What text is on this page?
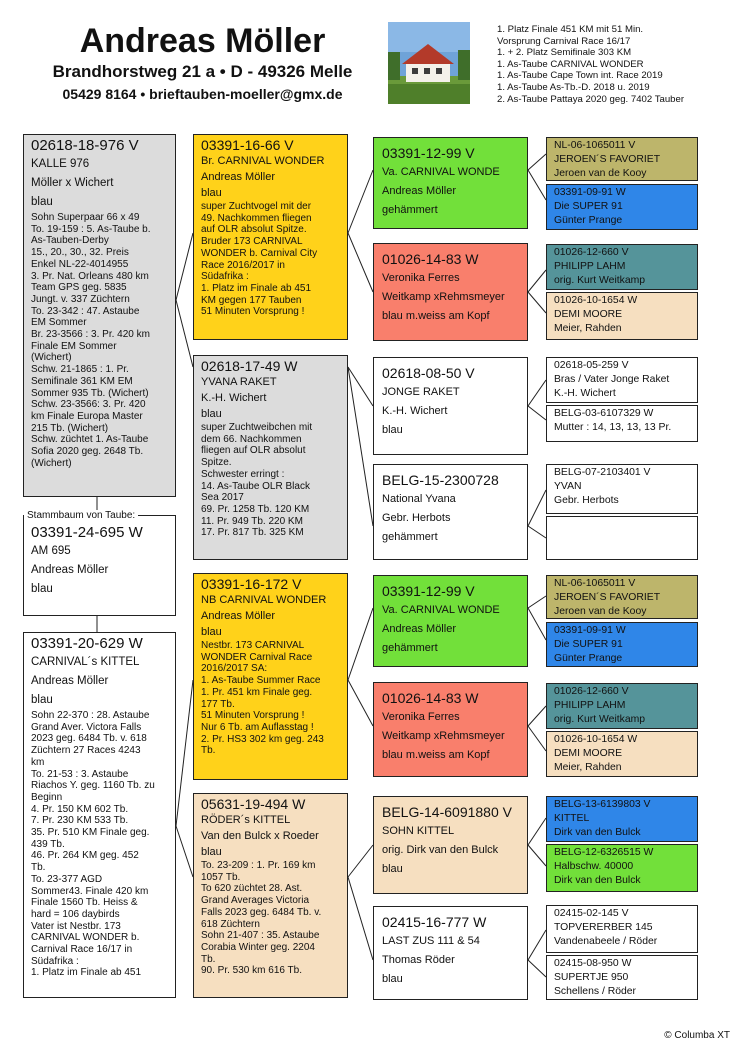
Andreas Möller
Brandhorstweg 21 a • D - 49326 Melle
05429 8164 • brieftauben-moeller@gmx.de
1. Platz Finale 451 KM mit 51 Min.
Vorsprung Carnival Race 16/17
1. + 2. Platz Semifinale 303 KM
1. As-Taube CARNIVAL WONDER
1. As-Taube Cape Town int. Race 2019
1. As-Taube As-Tb.-D. 2018 u. 2019
2. As-Taube Pattaya 2020 geg. 7402 Tauber
02618-18-976 V
KALLE 976
Möller x Wichert
blau
Sohn Superpaar 66 x 49
To. 19-159 : 5. As-Taube b.
As-Tauben-Derby
15., 20., 30., 32. Preis
Enkel NL-22-4014955
3. Pr. Nat. Orleans 480 km
Team GPS geg. 5835
Jungt. v. 337 Züchtern
To. 23-342 : 47. Astaube
EM Sommer
Br. 23-3566 : 3. Pr. 420 km
Finale EM Sommer
(Wichert)
Schw. 21-1865 : 1. Pr.
Semifinale 361 KM EM
Sommer 935 Tb. (Wichert)
Schw. 23-3566: 3. Pr. 420
km Finale Europa Master
215 Tb. (Wichert)
Schw. züchtet 1. As-Taube
Sofia 2020 geg. 2648 Tb.
(Wichert)
03391-24-695 W
AM 695
Andreas Möller
blau
Stammbaum von Taube:
03391-20-629 W
CARNIVAL´s KITTEL
Andreas Möller
blau
Sohn 22-370 : 28. Astaube
Grand Aver. Victora Falls
2023 geg. 6484 Tb. v. 618
Züchtern 27 Races 4243
km
To. 21-53 : 3. Astaube
Riachos Y. geg. 1160 Tb. zu
Beginn
4. Pr. 150 KM 602 Tb.
7. Pr. 230 KM 533 Tb.
35. Pr. 510 KM Finale geg.
439 Tb.
46. Pr. 264 KM geg. 452
Tb.
To. 23-377 AGD
Sommer43. Finale 420 km
Finale 1560 Tb. Heiss &
hard = 106 daybirds
Vater ist Nestbr. 173
CARNIVAL WONDER b.
Carnival Race 16/17 in
Südafrika :
1. Platz im Finale ab 451
03391-16-66 V
Br. CARNIVAL WONDER
Andreas Möller
blau
super Zuchtvogel mit der
49. Nachkommen fliegen
auf OLR absolut Spitze.
Bruder 173 CARNIVAL
WONDER b. Carnival City
Race 2016/2017 in
Südafrika :
1. Platz im Finale ab 451
KM gegen 177 Tauben
51 Minuten Vorsprung !
02618-17-49 W
YVANA RAKET
K.-H. Wichert
blau
super Zuchtweibchen mit
dem 66. Nachkommen
fliegen auf OLR absolut
Spitze.
Schwester erringt :
14. As-Taube OLR Black
Sea 2017
69. Pr. 1258 Tb. 120 KM
11. Pr. 949 Tb. 220 KM
17. Pr. 817 Tb. 325 KM
03391-16-172 V
NB CARNIVAL WONDER
Andreas Möller
blau
Nestbr. 173 CARNIVAL
WONDER Carnival Race
2016/2017 SA:
1. As-Taube Summer Race
1. Pr. 451 km Finale geg.
177 Tb.
51 Minuten Vorsprung !
Nur 6 Tb. am Auflasstag !
2. Pr. HS3 302 km geg. 243
Tb.
05631-19-494 W
RÖDER´s KITTEL
Van den Bulck x Roeder
blau
To. 23-209 : 1. Pr. 169 km
1057 Tb.
To 620 züchtet 28. Ast.
Grand Averages Victoria
Falls 2023 geg. 6484 Tb. v.
618 Züchtern
Sohn 21-407 : 35. Astaube
Corabia Winter geg. 2204
Tb.
90. Pr. 530 km 616 Tb.
03391-12-99 V
Va. CARNIVAL WONDE
Andreas Möller
gehämmert
01026-14-83 W
Veronika Ferres
Weitkamp xRehmsmeyer
blau m.weiss am Kopf
02618-08-50 V
JONGE RAKET
K.-H. Wichert
blau
BELG-15-2300728
National Yvana
Gebr. Herbots
gehämmert
03391-12-99 V
Va. CARNIVAL WONDE
Andreas Möller
gehämmert
01026-14-83 W
Veronika Ferres
Weitkamp xRehmsmeyer
blau m.weiss am Kopf
BELG-14-6091880 V
SOHN KITTEL
orig. Dirk van den Bulck
blau
02415-16-777 W
LAST ZUS 111 & 54
Thomas Röder
blau
NL-06-1065011 V
JEROEN´S FAVORIET
Jeroen van de Kooy
03391-09-91 W
Die SUPER 91
Günter Prange
01026-12-660 V
PHILIPP LAHM
orig. Kurt Weitkamp
01026-10-1654 W
DEMI MOORE
Meier, Rahden
02618-05-259 V
Bras / Vater Jonge Raket
K.-H. Wichert
BELG-03-6107329 W
Mutter : 14, 13, 13, 13 Pr.
BELG-07-2103401 V
YVAN
Gebr. Herbots
NL-06-1065011 V
JEROEN´S FAVORIET
Jeroen van de Kooy
03391-09-91 W
Die SUPER 91
Günter Prange
01026-12-660 V
PHILIPP LAHM
orig. Kurt Weitkamp
01026-10-1654 W
DEMI MOORE
Meier, Rahden
BELG-13-6139803 V
KITTEL
Dirk van den Bulck
BELG-12-6326515 W
Halbschw. 40000
Dirk van den Bulck
02415-02-145 V
TOPVERERBER 145
Vandenabeele / Röder
02415-08-950 W
SUPERTJE 950
Schellens / Röder
© Columba XT
